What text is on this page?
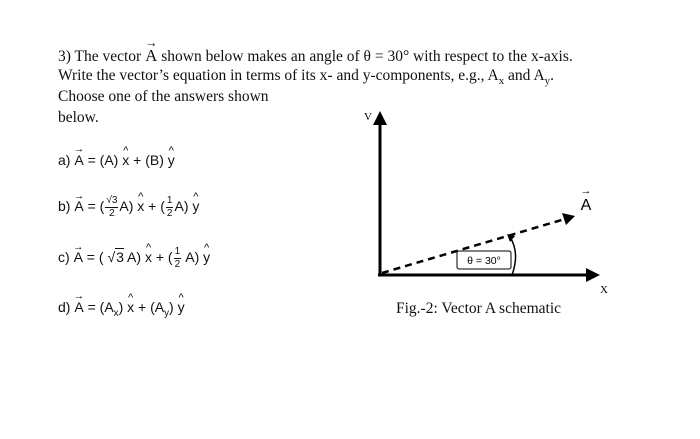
3) The vector → A shown below makes an angle of θ = 30° with respect to the x-axis.
Write the vector’s equation in terms of its x- and y-components, e.g., $A_x$ and $A_y$.
Choose one of the answers shown
below.
a) → A = (A) ^ x + (B) ^ y
b) → A = ( $\frac{√3}{2} A$) ^ x + ( $\frac{1}{2} A$) ^ y
c) → A = ( √3 A) ^ x + ( $\frac{1}{2} A$) ^ y
$d) \to A = (A_x)$ ^ $x + (A_y)$ ^ y
θ = 30°
V
X
A
→
Fig.-2: Vector A schematic
